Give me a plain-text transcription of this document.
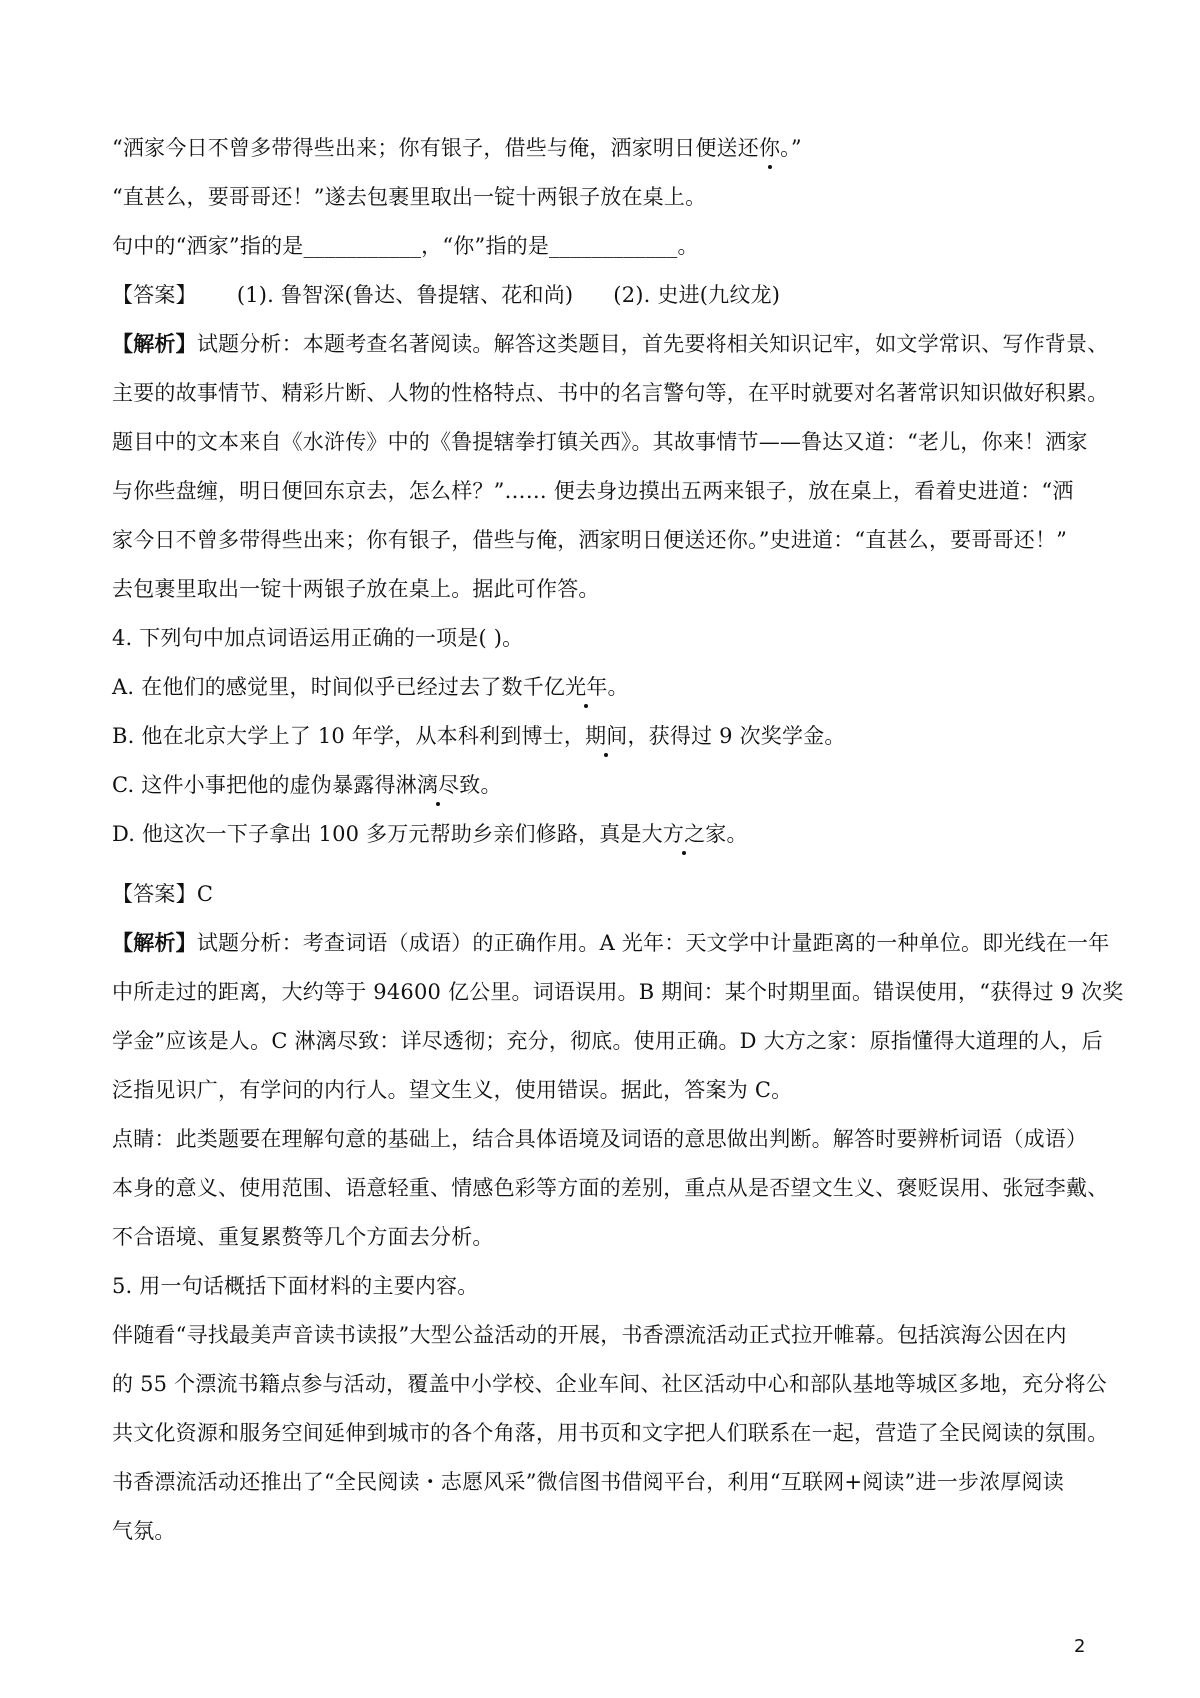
“洒家今日不曾多带得些出来；你有银子，借些与俺，洒家明日便送还你。”
“直甚么，要哥哥还！”遂去包裹里取出一锭十两银子放在桌上。
句中的“洒家”指的是___________，“你”指的是____________。
【答案】 (1). 鲁智深(鲁达、鲁提辖、花和尚) (2). 史进(九纹龙)
【解析】试题分析：本题考查名著阅读。解答这类题目，首先要将相关知识记牢，如文学常识、写作背景、
主要的故事情节、精彩片断、人物的性格特点、书中的名言警句等，在平时就要对名著常识知识做好积累。
题目中的文本来自《水浒传》中的《鲁提辖拳打镇关西》。其故事情节——鲁达又道：“老儿，你来！洒家
与你些盘缠，明日便回东京去，怎么样？”…… 便去身边摸出五两来银子，放在桌上，看着史进道：“洒
家今日不曾多带得些出来；你有银子，借些与俺，洒家明日便送还你。”史进道：“直甚么，要哥哥还！”
去包裹里取出一锭十两银子放在桌上。据此可作答。
4. 下列句中加点词语运用正确的一项是( )。
A. 在他们的感觉里，时间似乎已经过去了数千亿光年。
B. 他在北京大学上了 10 年学，从本科利到博士，期间，获得过 9 次奖学金。
C. 这件小事把他的虚伪暴露得淋漓尽致。
D. 他这次一下子拿出 100 多万元帮助乡亲们修路，真是大方之家。
【答案】C
【解析】试题分析：考查词语（成语）的正确作用。A 光年：天文学中计量距离的一种单位。即光线在一年
中所走过的距离，大约等于 94600 亿公里。词语误用。B 期间：某个时期里面。错误使用，“获得过 9 次奖
学金”应该是人。C 淋漓尽致：详尽透彻；充分，彻底。使用正确。D 大方之家：原指懂得大道理的人，后
泛指见识广，有学问的内行人。望文生义，使用错误。据此，答案为 C。
点睛：此类题要在理解句意的基础上，结合具体语境及词语的意思做出判断。解答时要辨析词语（成语）
本身的意义、使用范围、语意轻重、情感色彩等方面的差别，重点从是否望文生义、褒贬误用、张冠李戴、
不合语境、重复累赘等几个方面去分析。
5. 用一句话概括下面材料的主要内容。
伴随看“寻找最美声音读书读报”大型公益活动的开展，书香漂流活动正式拉开帷幕。包括滨海公因在内
的 55 个漂流书籍点参与活动，覆盖中小学校、企业车间、社区活动中心和部队基地等城区多地，充分将公
共文化资源和服务空间延伸到城市的各个角落，用书页和文字把人们联系在一起，营造了全民阅读的氛围。
书香漂流活动还推出了“全民阅读・志愿风采”微信图书借阅平台，利用“互联网+阅读”进一步浓厚阅读
气氛。
2
